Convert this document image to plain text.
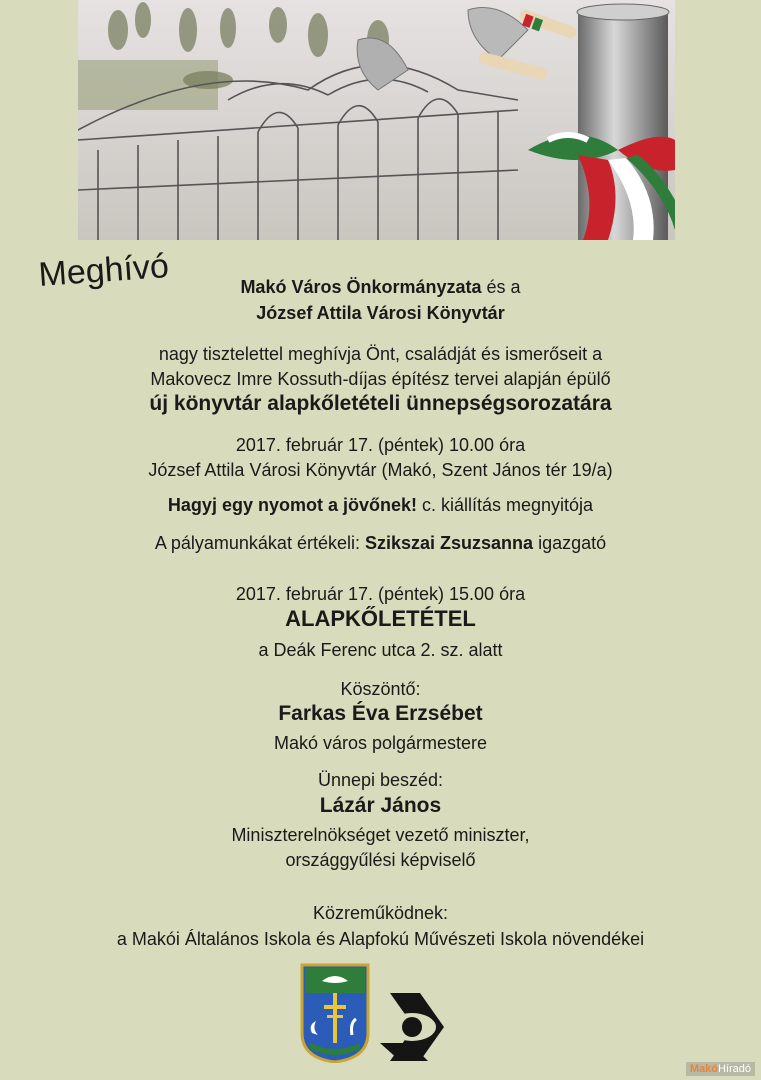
Meghívó	Makó Város Önkormányzata és a
József Attila Városi Könyvtár
nagy tisztelettel meghívja Önt, családját és ismerőseit a
Makovecz Imre Kossuth-díjas építész tervei alapján épülő
új könyvtár alapkőletételi ünnepségsorozatára
2017. február 17. (péntek) 10.00 óra
József Attila Városi Könyvtár (Makó, Szent János tér 19/a)
Hagyj egy nyomot a jövőnek! c. kiállítás megnyitója
A pályamunkákat értékeli: Szikszai Zsuzsanna igazgató
2017. február 17. (péntek) 15.00 óra
ALAPKŐLETÉTEL
a Deák Ferenc utca 2. sz. alatt
Köszöntő:
Farkas Éva Erzsébet
Makó város polgármestere
Ünnepi beszéd:
Lázár János
Miniszterelnökséget vezető miniszter,
országgyűlési képviselő
Közreműködnek:
a Makói Általános Iskola és Alapfokú Művészeti Iskola növendékei
MakóHíradó
